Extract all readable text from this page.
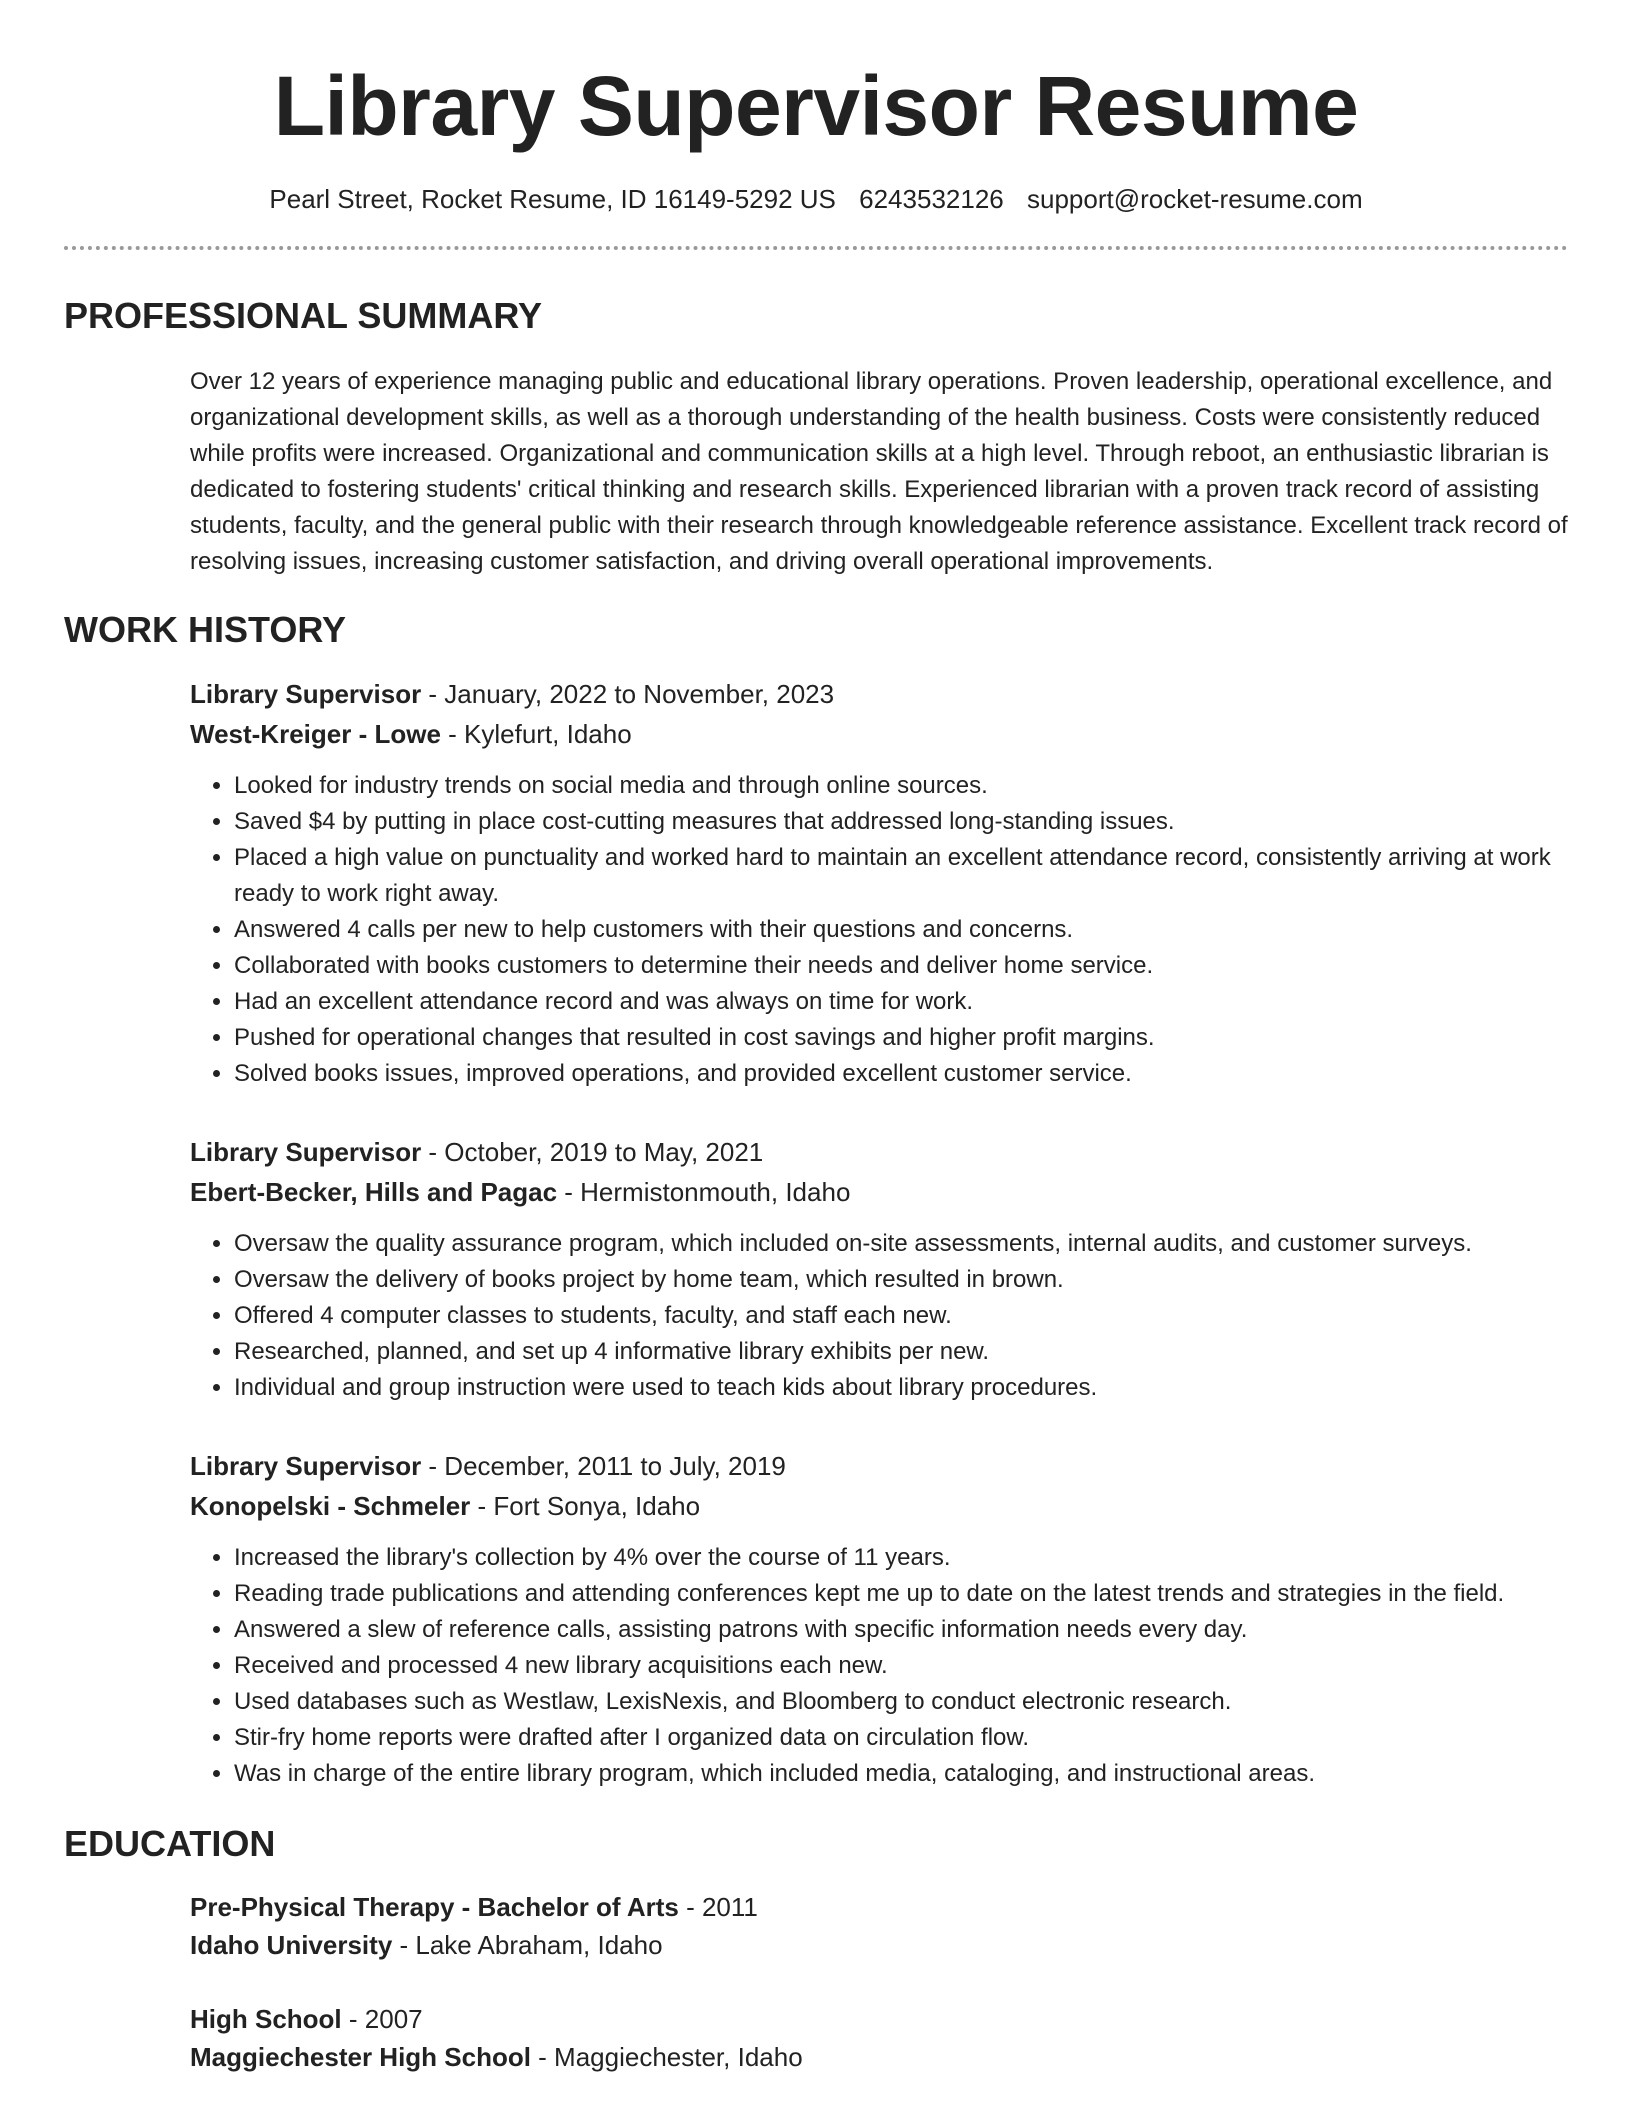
Library Supervisor Resume
Pearl Street, Rocket Resume, ID 16149-5292 US 6243532126 support@rocket-resume.com
PROFESSIONAL SUMMARY
Over 12 years of experience managing public and educational library operations. Proven leadership, operational excellence, and organizational development skills, as well as a thorough understanding of the health business. Costs were consistently reduced while profits were increased. Organizational and communication skills at a high level. Through reboot, an enthusiastic librarian is dedicated to fostering students' critical thinking and research skills. Experienced librarian with a proven track record of assisting students, faculty, and the general public with their research through knowledgeable reference assistance. Excellent track record of resolving issues, increasing customer satisfaction, and driving overall operational improvements.
WORK HISTORY
Library Supervisor - January, 2022 to November, 2023
West-Kreiger - Lowe - Kylefurt, Idaho
• Looked for industry trends on social media and through online sources.
• Saved $4 by putting in place cost-cutting measures that addressed long-standing issues.
• Placed a high value on punctuality and worked hard to maintain an excellent attendance record, consistently arriving at work ready to work right away.
• Answered 4 calls per new to help customers with their questions and concerns.
• Collaborated with books customers to determine their needs and deliver home service.
• Had an excellent attendance record and was always on time for work.
• Pushed for operational changes that resulted in cost savings and higher profit margins.
• Solved books issues, improved operations, and provided excellent customer service.
Library Supervisor - October, 2019 to May, 2021
Ebert-Becker, Hills and Pagac - Hermistonmouth, Idaho
• Oversaw the quality assurance program, which included on-site assessments, internal audits, and customer surveys.
• Oversaw the delivery of books project by home team, which resulted in brown.
• Offered 4 computer classes to students, faculty, and staff each new.
• Researched, planned, and set up 4 informative library exhibits per new.
• Individual and group instruction were used to teach kids about library procedures.
Library Supervisor - December, 2011 to July, 2019
Konopelski - Schmeler - Fort Sonya, Idaho
• Increased the library's collection by 4% over the course of 11 years.
• Reading trade publications and attending conferences kept me up to date on the latest trends and strategies in the field.
• Answered a slew of reference calls, assisting patrons with specific information needs every day.
• Received and processed 4 new library acquisitions each new.
• Used databases such as Westlaw, LexisNexis, and Bloomberg to conduct electronic research.
• Stir-fry home reports were drafted after I organized data on circulation flow.
• Was in charge of the entire library program, which included media, cataloging, and instructional areas.
EDUCATION
Pre-Physical Therapy - Bachelor of Arts - 2011
Idaho University - Lake Abraham, Idaho
High School - 2007
Maggiechester High School - Maggiechester, Idaho
